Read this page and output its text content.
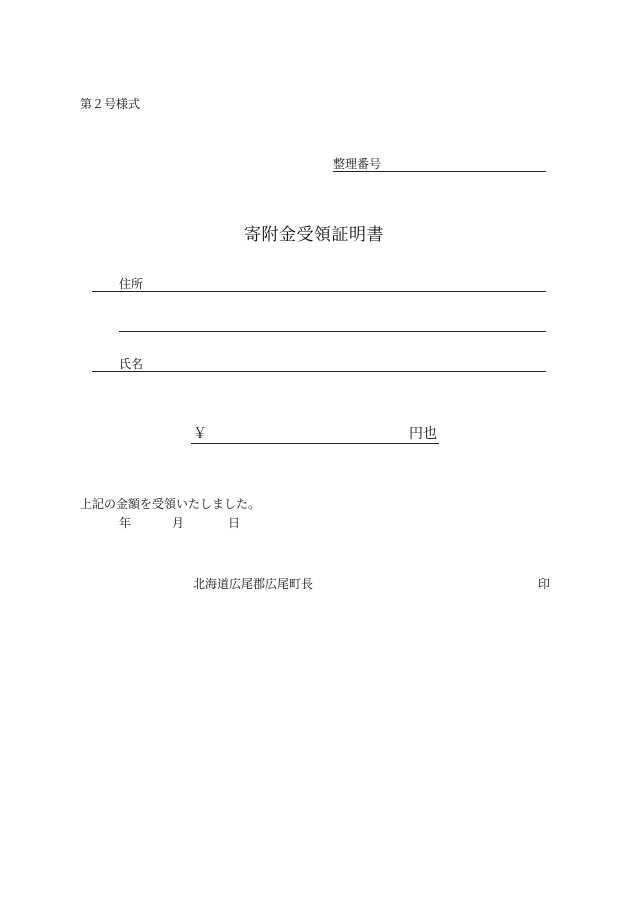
第２号様式
整理番号
寄附金受領証明書
住所
氏名
￥	円也
上記の金額を受領いたしました。
年	月	日
北海道広尾郡広尾町長	印
